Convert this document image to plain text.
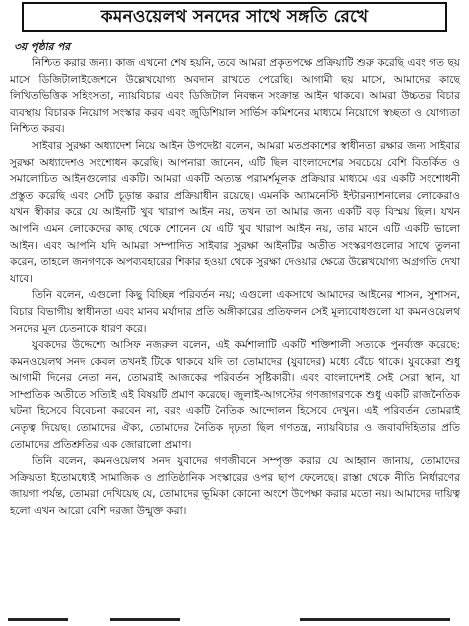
কমনওয়েলথ সনদের সাথে সঙ্গতি রেখে
৩য় পৃষ্ঠার পর

নিশ্চিত করার জন্য। কাজ এখনো শেষ হয়নি, তবে আমরা প্রকৃতপক্ষে প্রক্রিয়াটি শুরু করেছি এবং গত ছয় মাসে ডিজিটালাইজেশনে উল্লেখযোগ্য অবদান রাখতে পেরেছি। আগামী ছয় মাসে, আমাদের কাছে লিখিতভিত্তিক সহিংসতা, ন্যায়বিচার এবং ডিজিটাল নিবন্ধন সংক্রান্ত আইন থাকবে। আমরা উচ্চতর বিচার ব্যবস্থায় বিচারক নিয়োগ সংস্কার করব এবং জুডিশিয়াল সার্ভিস কমিশনের মাধ্যমে নিয়োগে স্বচ্ছতা ও যোগ্যতা নিশ্চিত করব।

সাইবার সুরক্ষা অধ্যাদেশ নিয়ে আইন উপদেষ্টা বলেন, আমরা মতপ্রকাশের স্বাধীনতা রক্ষার জন্য সাইবার সুরক্ষা অধ্যাদেশও সংশোধন করেছি। আপনারা জানেন, এটি ছিল বাংলাদেশের সবচেয়ে বেশি বিতর্কিত ও সমালোচিত আইনগুলোর একটি। আমরা একটি অত্যন্ত পরামর্শমূলক প্রক্রিয়ার মাধ্যমে এর একটি সংশোধনী প্রস্তুত করেছি এবং সেটি চূড়ান্ত করার প্রক্রিয়াধীন রয়েছে। এমনকি অ্যামনেস্টি ইন্টারন্যাশনালের লোকেরাও যখন স্বীকার করে যে আইনটি খুব খারাপ আইন নয়, তখন তা আমার জন্য একটি বড় বিস্ময় ছিল। যখন আপনি এমন লোকেদের কাছ থেকে শোনেন যে এটি খুব খারাপ আইন নয়, তার মানে এটি একটি ভালো আইন। এবং আপনি যদি আমরা সম্পাদিত সাইবার সুরক্ষা আইনটির অতীত সংস্করণগুলোর সাথে তুলনা করেন, তাহলে জনগণকে অপব্যবহারের শিকার হওয়া থেকে সুরক্ষা দেওয়ার ক্ষেত্রে উল্লেখযোগ্য অগ্রগতি দেখা যাবে।

তিনি বলেন, এগুলো কিছু বিচ্ছিন্ন পরিবর্তন নয়; এগুলো একসাথে আমাদের আইনের শাসন, সুশাসন, বিচার বিভাগীয় স্বাধীনতা এবং মানব মর্যাদার প্রতি অঙ্গীকারের প্রতিফলন সেই মূল্যবোধগুলো যা কমনওয়েলথ সনদের মূল চেতনাকে ধারণ করে।

যুবকদের উদ্দেশ্যে আসিফ নজরুল বলেন, এই কর্মশালাটি একটি শক্তিশালী সত্যকে পুনর্ব্যক্ত করেছে: কমনওয়েলথ সনদ কেবল তখনই টিকে থাকবে যদি তা তোমাদের (যুবাদের) মধ্যে বেঁচে থাকে। যুবকেরা শুধু আগামী দিনের নেতা নন, তোমরাই আজকের পরিবর্তন সৃষ্টিকারী। এবং বাংলাদেশই সেই সেরা স্থান, যা সাম্প্রতিক অতীতে সত্যিই এই বিষয়টি প্রমাণ করেছে। জুলাই-আগস্টের গণজাগরণকে শুধু একটি রাজনৈতিক ঘটনা হিসেবে বিবেচনা করবেন না, বরং একটি নৈতিক আন্দোলন হিসেবে দেখুন। এই পরিবর্তন তোমরাই নেতৃত্ব দিয়েছ। তোমাদের ঐক্য, তোমাদের নৈতিক দৃঢ়তা ছিল গণতন্ত্র, ন্যায়বিচার ও জবাবদিহিতার প্রতি তোমাদের প্রতিশ্রুতির এক জোরালো প্রমাণ।

তিনি বলেন, কমনওয়েলথ সনদ যুবাদের গণজীবনে সম্পৃক্ত করার যে আহ্বান জানায়, তোমাদের সক্রিয়তা ইতোমধ্যেই সামাজিক ও প্রাতিষ্ঠানিক সংস্কারের ওপর ছাপ ফেলেছে। রাস্তা থেকে নীতি নির্ধারণের জায়গা পর্যন্ত, তোমরা দেখিয়েছ যে, তোমাদের ভূমিকা কোনো অংশে উপেক্ষা করার মতো নয়। আমাদের দায়িত্ব হলো এখন আরো বেশি দরজা উন্মুক্ত করা।
